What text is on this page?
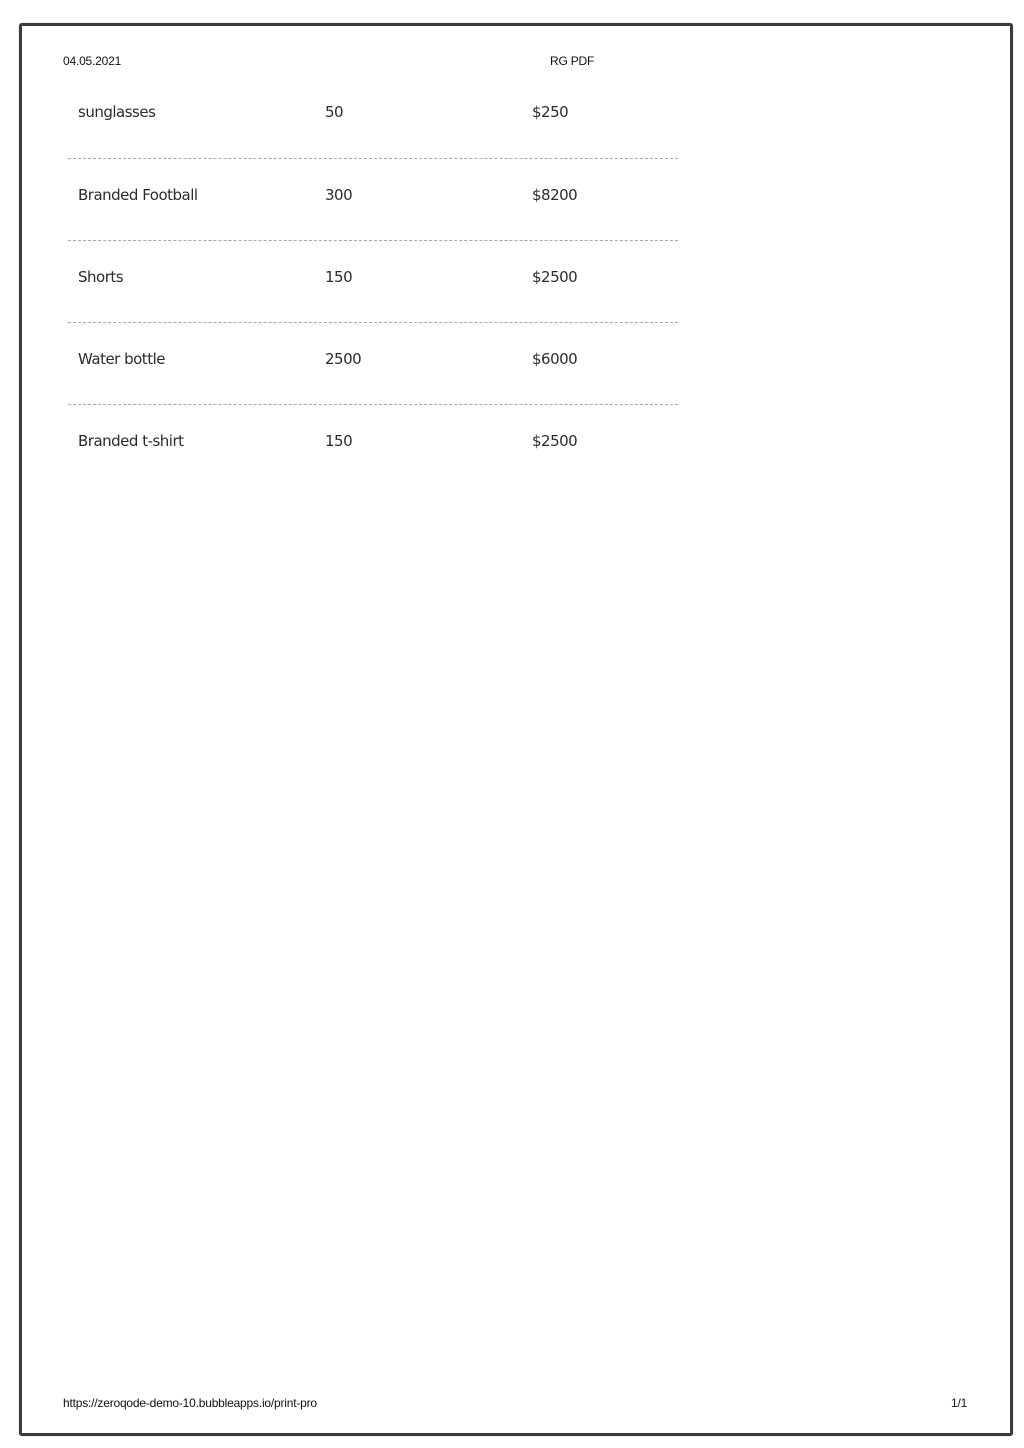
04.05.2021	RG PDF
sunglasses	50	$250
Branded Football	300	$8200
Shorts	150	$2500
Water bottle	2500	$6000
Branded t-shirt	150	$2500
https://zeroqode-demo-10.bubbleapps.io/print-pro	1/1
